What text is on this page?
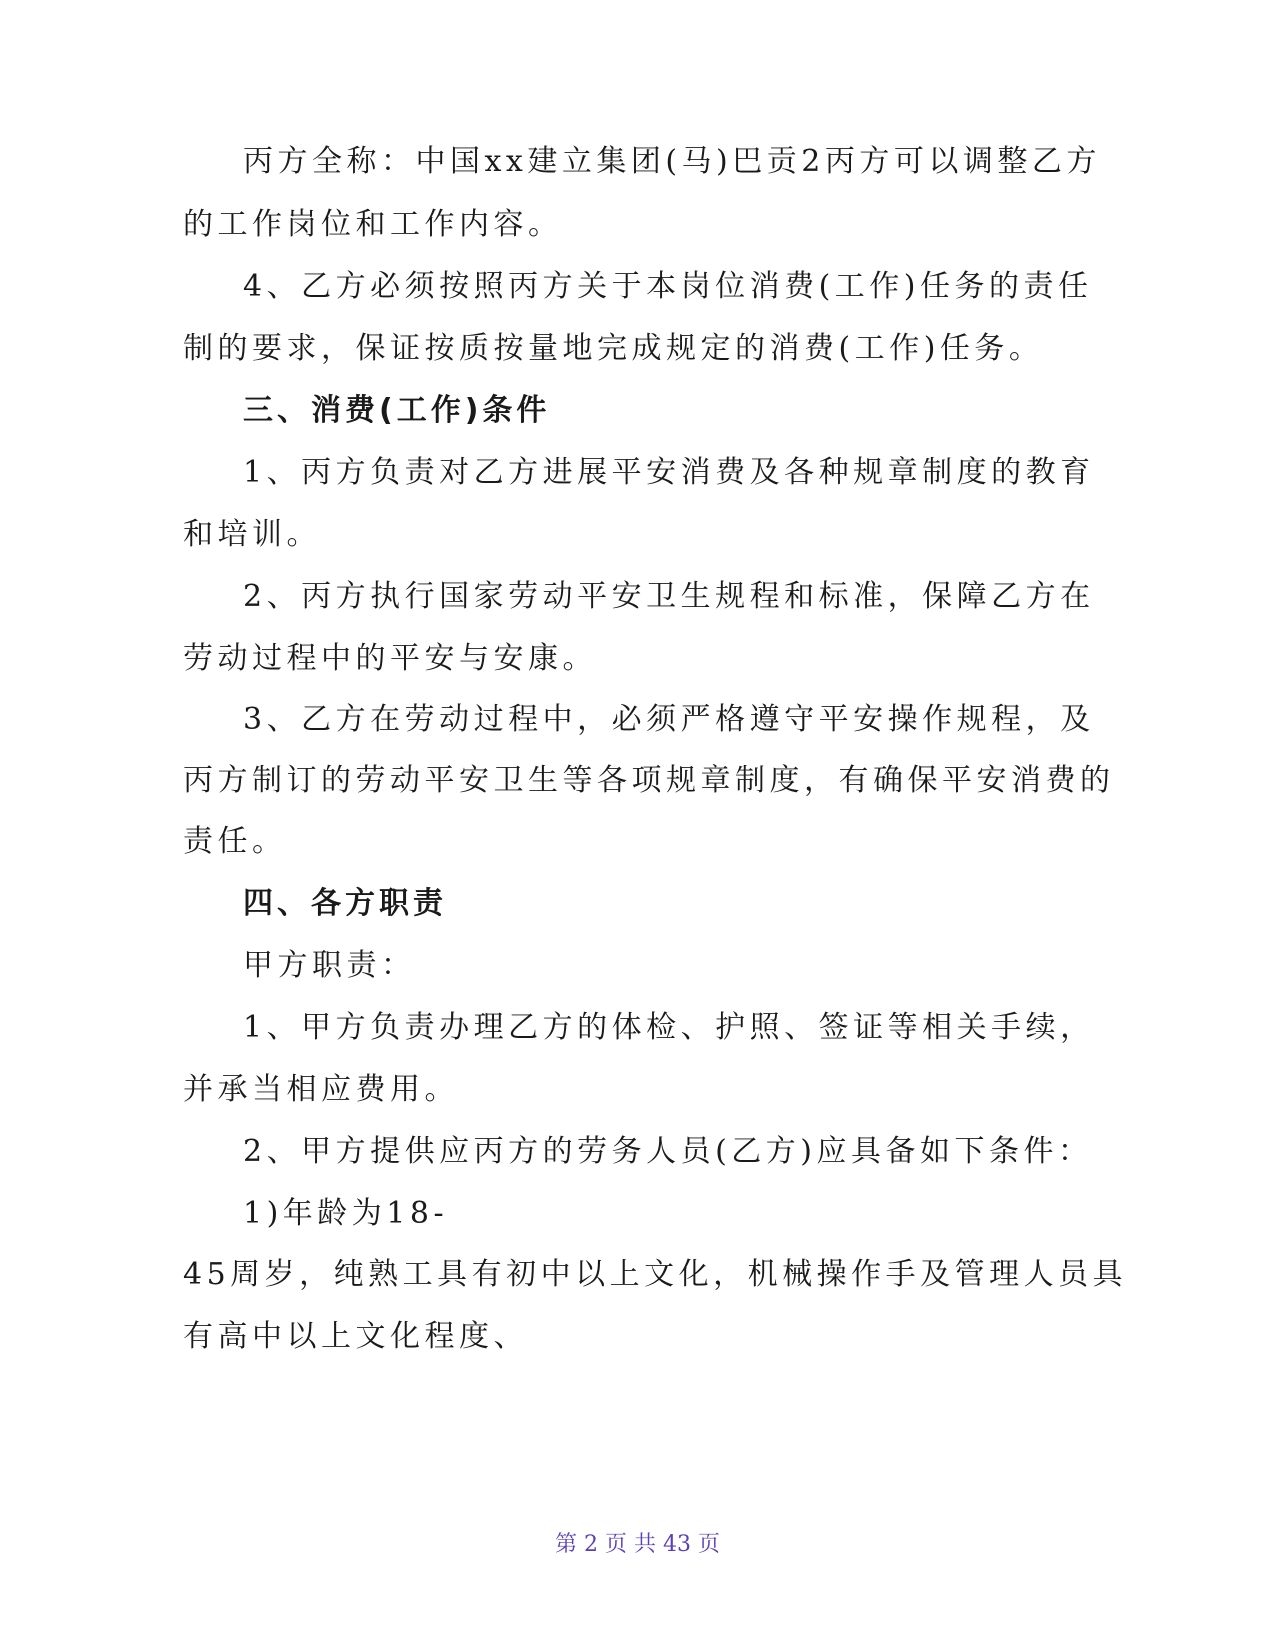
丙方全称：中国xx建立集团(马)巴贡2丙方可以调整乙方
的工作岗位和工作内容。
4、乙方必须按照丙方关于本岗位消费(工作)任务的责任
制的要求，保证按质按量地完成规定的消费(工作)任务。
三、消费(工作)条件
1、丙方负责对乙方进展平安消费及各种规章制度的教育
和培训。
2、丙方执行国家劳动平安卫生规程和标准，保障乙方在
劳动过程中的平安与安康。
3、乙方在劳动过程中，必须严格遵守平安操作规程，及
丙方制订的劳动平安卫生等各项规章制度，有确保平安消费的
责任。
四、各方职责
甲方职责：
1、甲方负责办理乙方的体检、护照、签证等相关手续，
并承当相应费用。
2、甲方提供应丙方的劳务人员(乙方)应具备如下条件：
1)年龄为18-
45周岁，纯熟工具有初中以上文化，机械操作手及管理人员具
有高中以上文化程度、
第 2 页 共 43 页
